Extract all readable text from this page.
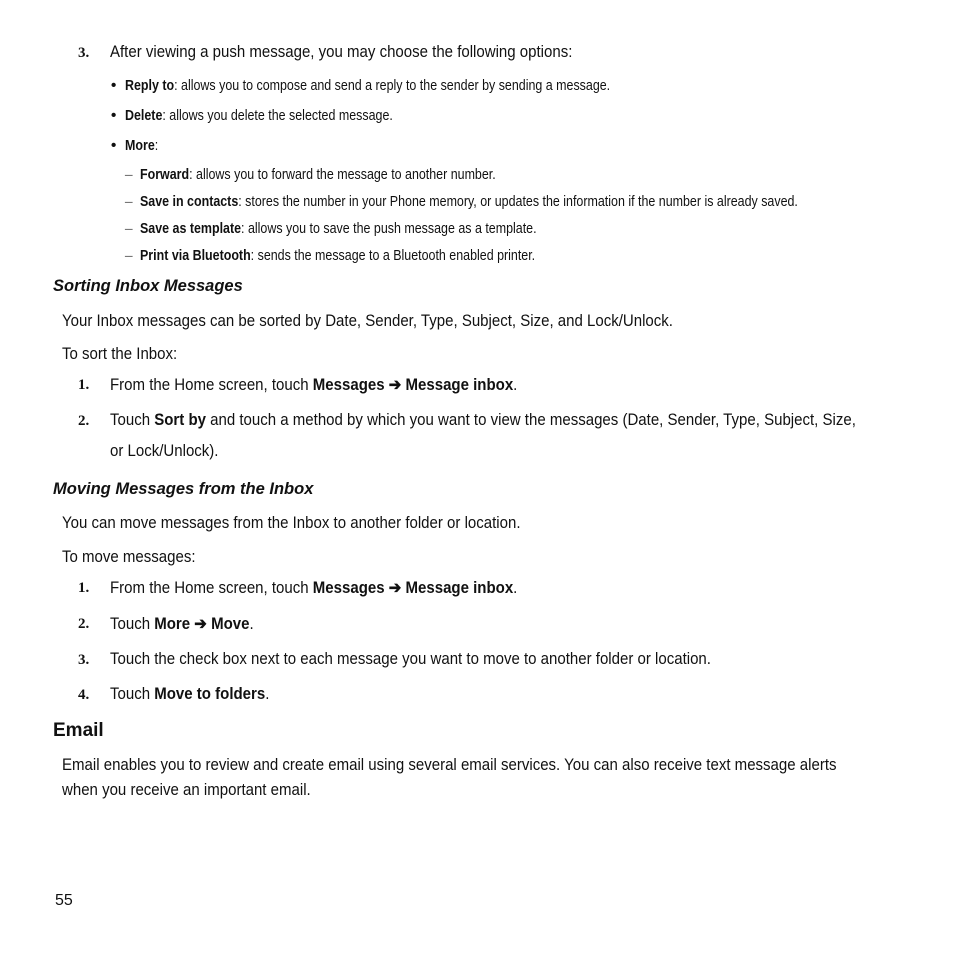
3. After viewing a push message, you may choose the following options:
• Reply to: allows you to compose and send a reply to the sender by sending a message.
• Delete: allows you delete the selected message.
• More:
– Forward: allows you to forward the message to another number.
– Save in contacts: stores the number in your Phone memory, or updates the information if the number is already saved.
– Save as template: allows you to save the push message as a template.
– Print via Bluetooth: sends the message to a Bluetooth enabled printer.
Sorting Inbox Messages
Your Inbox messages can be sorted by Date, Sender, Type, Subject, Size, and Lock/Unlock.
To sort the Inbox:
1. From the Home screen, touch Messages ➔ Message inbox.
2. Touch Sort by and touch a method by which you want to view the messages (Date, Sender, Type, Subject, Size,
or Lock/Unlock).
Moving Messages from the Inbox
You can move messages from the Inbox to another folder or location.
To move messages:
1. From the Home screen, touch Messages ➔ Message inbox.
2. Touch More ➔ Move.
3. Touch the check box next to each message you want to move to another folder or location.
4. Touch Move to folders.
Email
Email enables you to review and create email using several email services. You can also receive text message alerts
when you receive an important email.
55
